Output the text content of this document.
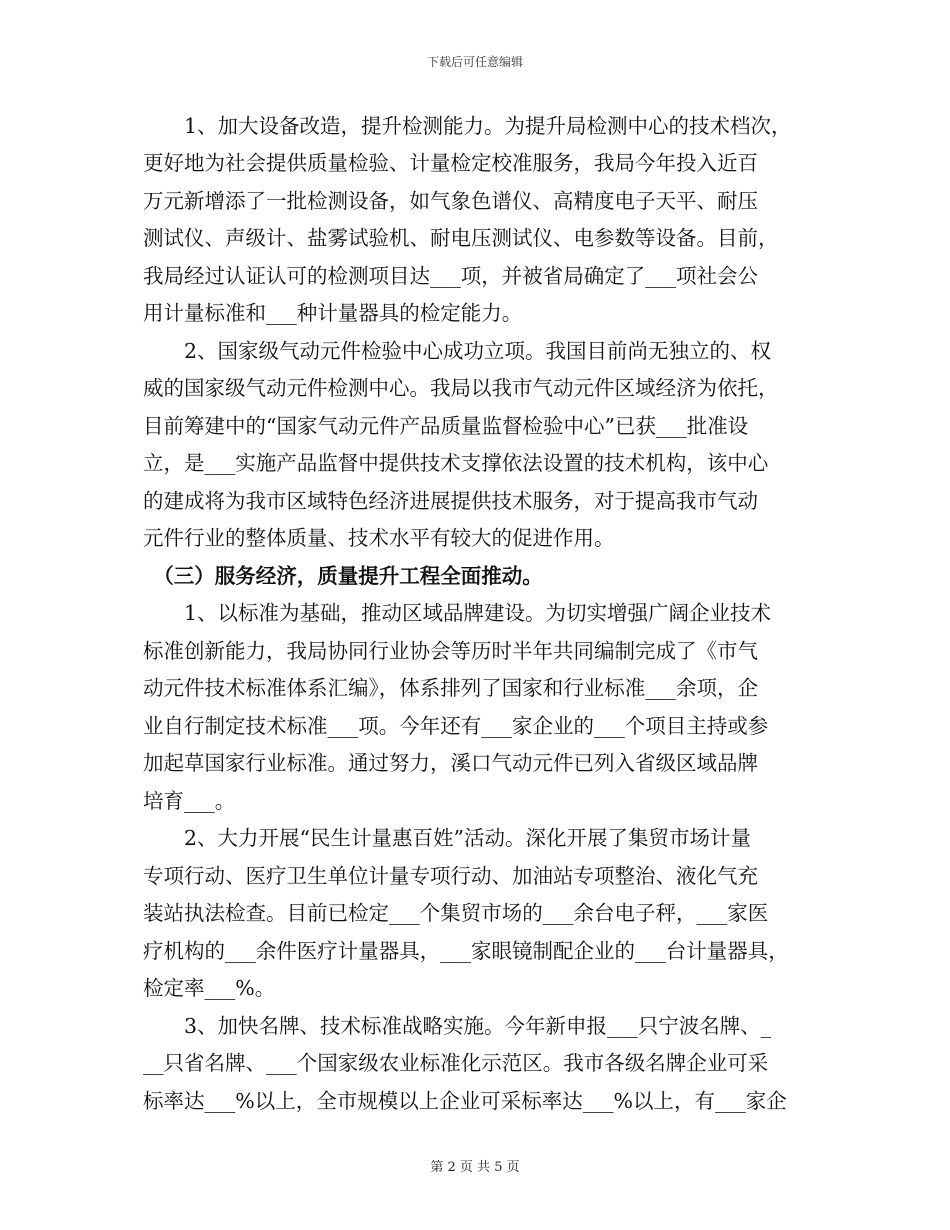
下载后可任意编辑
　　1、加大设备改造，提升检测能力。为提升局检测中心的技术档次，
更好地为社会提供质量检验、计量检定校准服务，我局今年投入近百
万元新增添了一批检测设备，如气象色谱仪、高精度电子天平、耐压
测试仪、声级计、盐雾试验机、耐电压测试仪、电参数等设备。目前，
我局经过认证认可的检测项目达___项，并被省局确定了___项社会公
用计量标准和___种计量器具的检定能力。
　　2、国家级气动元件检验中心成功立项。我国目前尚无独立的、权
威的国家级气动元件检测中心。我局以我市气动元件区域经济为依托，
目前筹建中的“国家气动元件产品质量监督检验中心”已获___批准设
立，是___实施产品监督中提供技术支撑依法设置的技术机构，该中心
的建成将为我市区域特色经济进展提供技术服务，对于提高我市气动
元件行业的整体质量、技术水平有较大的促进作用。
　（三）服务经济，质量提升工程全面推动。
　　1、以标准为基础，推动区域品牌建设。为切实增强广阔企业技术
标准创新能力，我局协同行业协会等历时半年共同编制完成了《市气
动元件技术标准体系汇编》，体系排列了国家和行业标准___余项，企
业自行制定技术标准___项。今年还有___家企业的___个项目主持或参
加起草国家行业标准。通过努力，溪口气动元件已列入省级区域品牌
培育___。
　　2、大力开展“民生计量惠百姓”活动。深化开展了集贸市场计量
专项行动、医疗卫生单位计量专项行动、加油站专项整治、液化气充
装站执法检查。目前已检定___个集贸市场的___余台电子秤，___家医
疗机构的___余件医疗计量器具，___家眼镜制配企业的___台计量器具，
检定率___%。
　　3、加快名牌、技术标准战略实施。今年新申报___只宁波名牌、_
__只省名牌、___个国家级农业标准化示范区。我市各级名牌企业可采
标率达___%以上，全市规模以上企业可采标率达___%以上，有___家企
第 2 页 共 5 页
